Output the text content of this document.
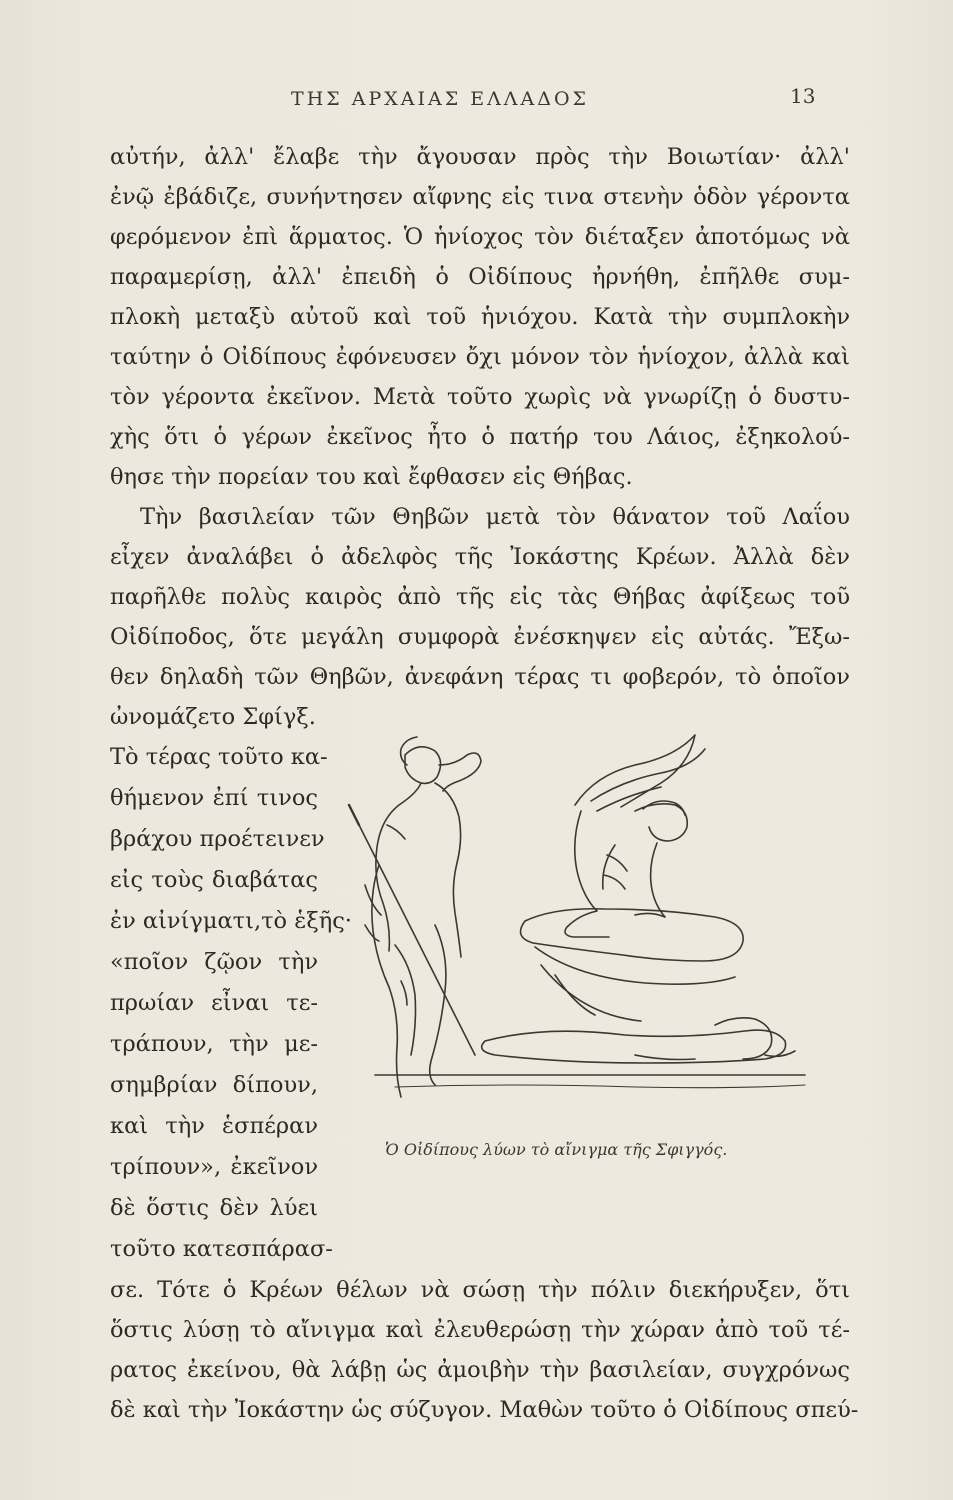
ΤΗΣ ΑΡΧΑΙΑΣ ΕΛΛΑΔΟΣ	13
αὐτήν, ἀλλ' ἔλαβε τὴν ἄγουσαν πρὸς τὴν Βοιωτίαν· ἀλλ'
ἐνῷ ἐβάδιζε, συνήντησεν αἴφνης εἰς τινα στενὴν ὁδὸν γέροντα
φερόμενον ἐπὶ ἅρματος. Ὁ ἡνίοχος τὸν διέταξεν ἀποτόμως νὰ
παραμερίσῃ, ἀλλ' ἐπειδὴ ὁ Οἰδίπους ἠρνήθη, ἐπῆλθε συμ-
πλοκὴ μεταξὺ αὐτοῦ καὶ τοῦ ἡνιόχου. Κατὰ τὴν συμπλοκὴν
ταύτην ὁ Οἰδίπους ἐφόνευσεν ὄχι μόνον τὸν ἡνίοχον, ἀλλὰ καὶ
τὸν γέροντα ἐκεῖνον. Μετὰ τοῦτο χωρὶς νὰ γνωρίζῃ ὁ δυστυ-
χὴς ὅτι ὁ γέρων ἐκεῖνος ἦτο ὁ πατήρ του Λάιος, ἐξηκολού-
θησε τὴν πορείαν του καὶ ἔφθασεν εἰς Θήβας.
Τὴν βασιλείαν τῶν Θηβῶν μετὰ τὸν θάνατον τοῦ Λαΐου
εἶχεν ἀναλάβει ὁ ἀδελφὸς τῆς Ἰοκάστης Κρέων. Ἀλλὰ δὲν
παρῆλθε πολὺς καιρὸς ἀπὸ τῆς εἰς τὰς Θήβας ἀφίξεως τοῦ
Οἰδίποδος, ὅτε μεγάλη συμφορὰ ἐνέσκηψεν εἰς αὐτάς. Ἔξω-
θεν δηλαδὴ τῶν Θηβῶν, ἀνεφάνη τέρας τι φοβερόν, τὸ ὁποῖον
ὠνομάζετο Σφίγξ.
Τὸ τέρας τοῦτο κα-
θήμενον ἐπί τινος
βράχου προέτεινεν
εἰς τοὺς διαβάτας
ἐν αἰνίγματι,τὸ ἑξῆς·
«ποῖον ζῷον τὴν
πρωίαν εἶναι τε-
τράπουν, τὴν με-
σημβρίαν δίπουν,
καὶ τὴν ἑσπέραν
τρίπουν», ἐκεῖνον
δὲ ὅστις δὲν λύει
τοῦτο κατεσπάρασ-
Ὁ Οἰδίπους λύων τὸ αἴνιγμα τῆς Σφιγγός.
σε. Τότε ὁ Κρέων θέλων νὰ σώσῃ τὴν πόλιν διεκήρυξεν, ὅτι
ὅστις λύσῃ τὸ αἴνιγμα καὶ ἐλευθερώσῃ τὴν χώραν ἀπὸ τοῦ τέ-
ρατος ἐκείνου, θὰ λάβῃ ὡς ἀμοιβὴν τὴν βασιλείαν, συγχρόνως
δὲ καὶ τὴν Ἰοκάστην ὡς σύζυγον. Μαθὼν τοῦτο ὁ Οἰδίπους σπεύ-
